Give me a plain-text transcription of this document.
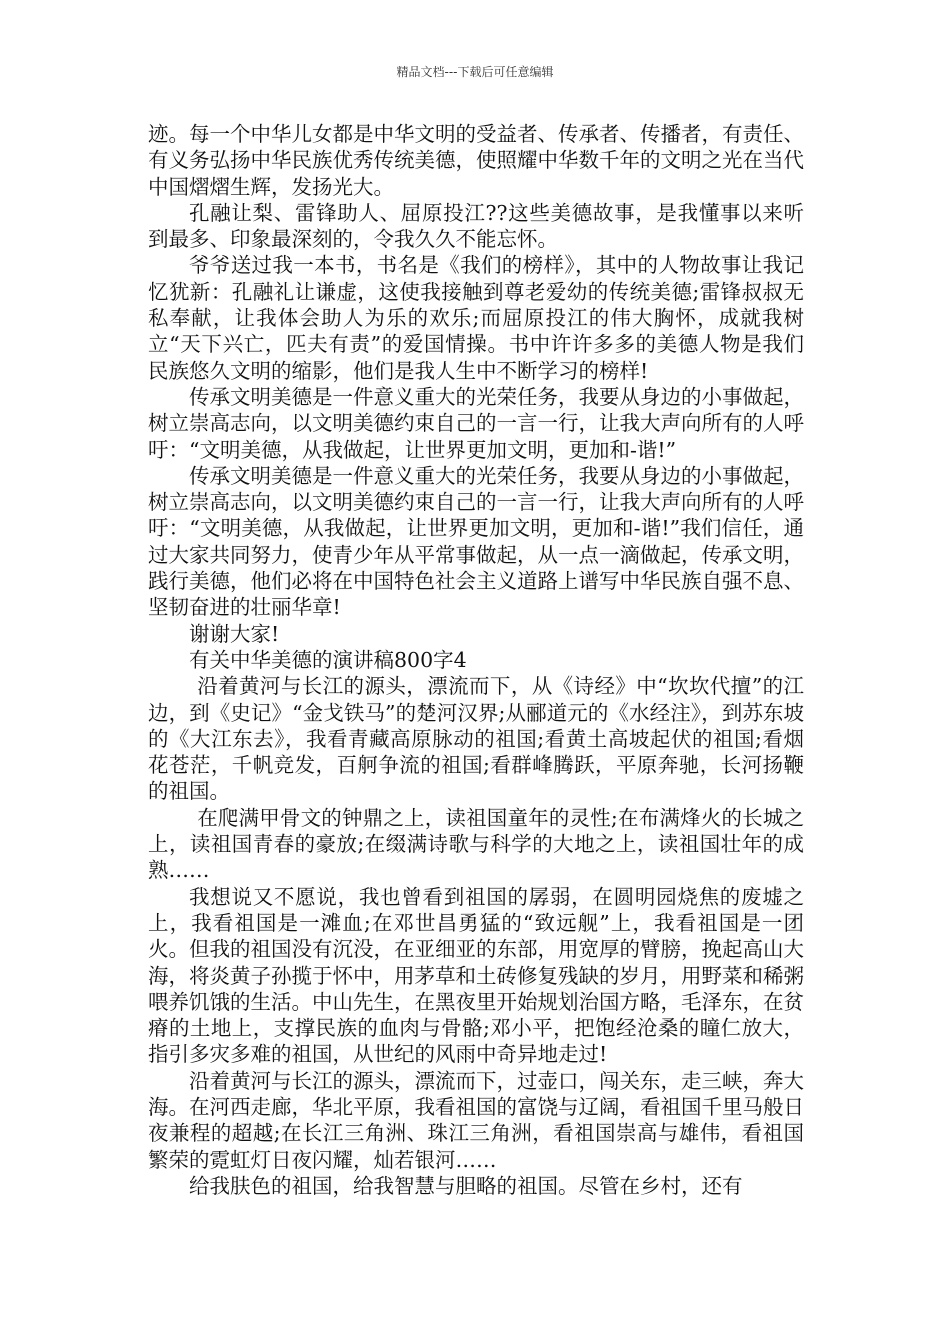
精品文档---下载后可任意编辑

迹。每一个中华儿女都是中华文明的受益者、传承者、传播者，有责任、有义务弘扬中华民族优秀传统美德，使照耀中华数千年的文明之光在当代中国熠熠生辉，发扬光大。

孔融让梨、雷锋助人、屈原投江??这些美德故事，是我懂事以来听到最多、印象最深刻的，令我久久不能忘怀。

爷爷送过我一本书，书名是《我们的榜样》，其中的人物故事让我记忆犹新：孔融礼让谦虚，这使我接触到尊老爱幼的传统美德;雷锋叔叔无私奉献，让我体会助人为乐的欢乐;而屈原投江的伟大胸怀，成就我树立“天下兴亡，匹夫有责”的爱国情操。书中许许多多的美德人物是我们民族悠久文明的缩影，他们是我人生中不断学习的榜样!

传承文明美德是一件意义重大的光荣任务，我要从身边的小事做起，树立崇高志向，以文明美德约束自己的一言一行，让我大声向所有的人呼吁：“文明美德，从我做起，让世界更加文明，更加和-谐!”

传承文明美德是一件意义重大的光荣任务，我要从身边的小事做起，树立崇高志向，以文明美德约束自己的一言一行，让我大声向所有的人呼吁：“文明美德，从我做起，让世界更加文明，更加和-谐!”我们信任，通过大家共同努力，使青少年从平常事做起，从一点一滴做起，传承文明，践行美德，他们必将在中国特色社会主义道路上谱写中华民族自强不息、坚韧奋进的壮丽华章!

谢谢大家!

有关中华美德的演讲稿800字4

沿着黄河与长江的源头，漂流而下，从《诗经》中“坎坎代擅”的江边，到《史记》“金戈铁马”的楚河汉界;从郦道元的《水经注》，到苏东坡的《大江东去》，我看青藏高原脉动的祖国;看黄土高坡起伏的祖国;看烟花苍茫，千帆竞发，百舸争流的祖国;看群峰腾跃，平原奔驰，长河扬鞭的祖国。

在爬满甲骨文的钟鼎之上，读祖国童年的灵性;在布满烽火的长城之上，读祖国青春的豪放;在缀满诗歌与科学的大地之上，读祖国壮年的成熟……

我想说又不愿说，我也曾看到祖国的孱弱，在圆明园烧焦的废墟之上，我看祖国是一滩血;在邓世昌勇猛的“致远舰”上，我看祖国是一团火。但我的祖国没有沉没，在亚细亚的东部，用宽厚的臂膀，挽起高山大海，将炎黄子孙揽于怀中，用茅草和土砖修复残缺的岁月，用野菜和稀粥喂养饥饿的生活。中山先生，在黑夜里开始规划治国方略，毛泽东，在贫瘠的土地上，支撑民族的血肉与骨骼;邓小平，把饱经沧桑的瞳仁放大，指引多灾多难的祖国，从世纪的风雨中奇异地走过!

沿着黄河与长江的源头，漂流而下，过壶口，闯关东，走三峡，奔大海。在河西走廊，华北平原，我看祖国的富饶与辽阔，看祖国千里马般日夜兼程的超越;在长江三角洲、珠江三角洲，看祖国崇高与雄伟，看祖国繁荣的霓虹灯日夜闪耀，灿若银河……

给我肤色的祖国，给我智慧与胆略的祖国。尽管在乡村，还有
